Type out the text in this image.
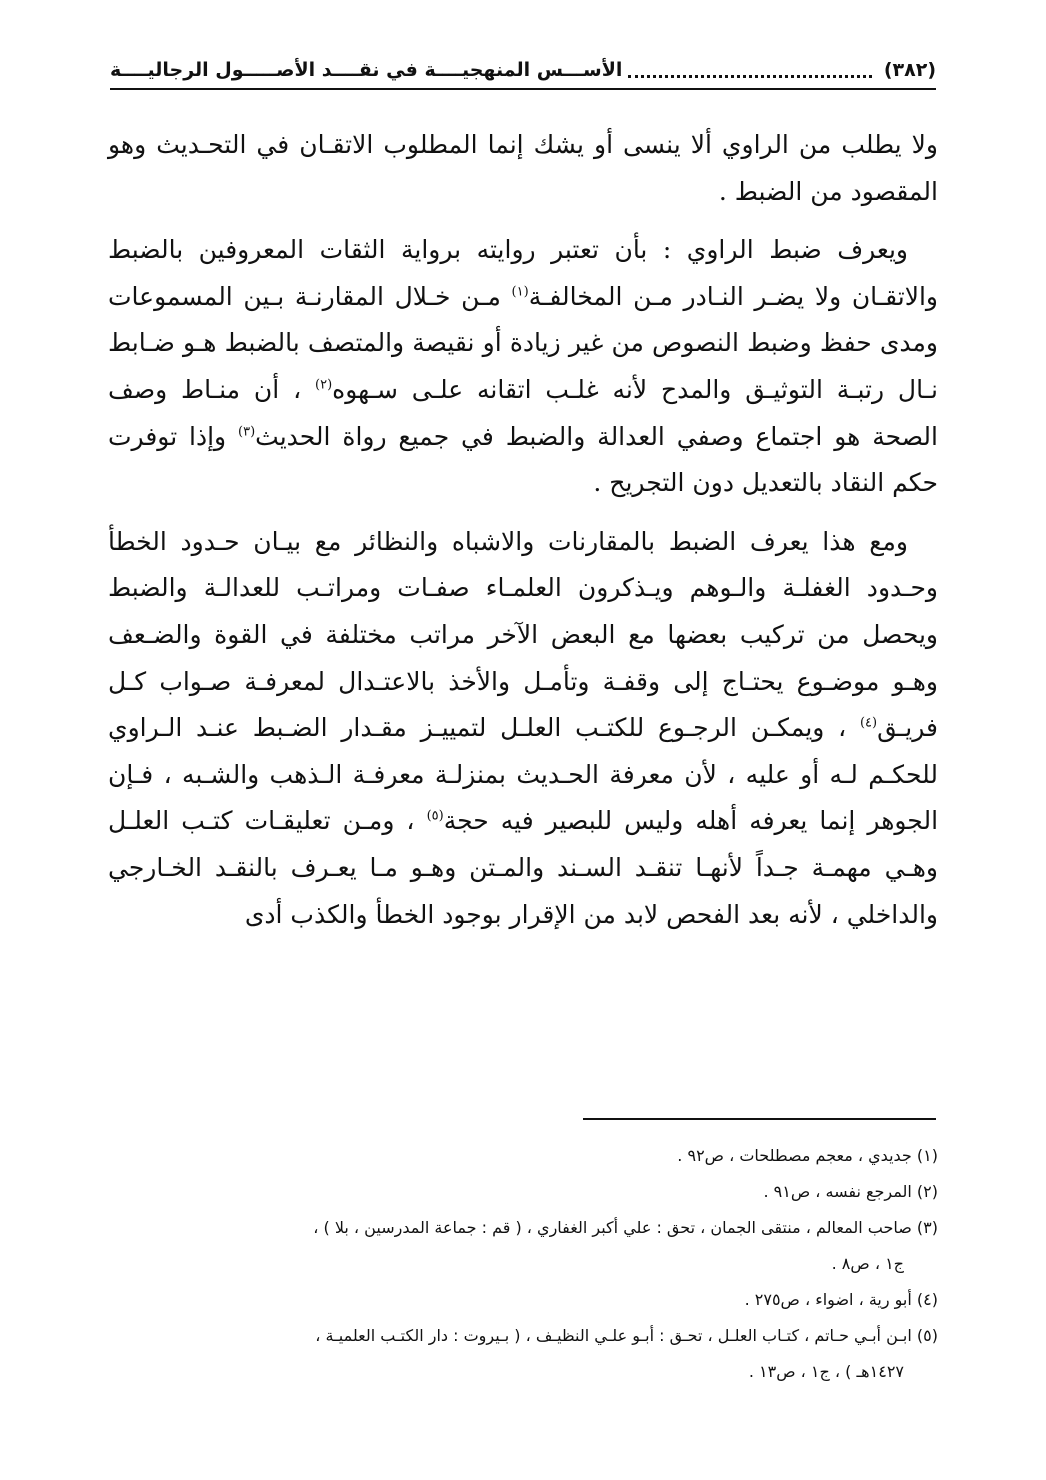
(٣٨٢)
الأســـس المنهجيــــة في نقــــد الأصـــــول الرجاليــــة

ولا يطلب من الراوي ألا ينسى أو يشك إنما المطلوب الاتقـان في التحـديث وهو المقصود من الضبط .

ويعرف ضبط الراوي : بأن تعتبر روايته برواية الثقات المعروفين بالضبط والاتقـان ولا يضـر النـادر مـن المخالفـة$^{(١)}$ مـن خـلال المقارنـة بـين المسموعات ومدى حفظ وضبط النصوص من غير زيادة أو نقيصة والمتصف بالضبط هـو ضـابط نـال رتبـة التوثيـق والمدح لأنه غلـب اتقانه علـى سـهوه$^{(٢)}$ ، أن منـاط وصف الصحة هو اجتماع وصفي العدالة والضبط في جميع رواة الحديث$^{(٣)}$ وإذا توفرت حكم النقاد بالتعديل دون التجريح .

ومع هذا يعرف الضبط بالمقارنات والاشباه والنظائر مع بيـان حـدود الخطأ وحـدود الغفلـة والـوهم ويـذكرون العلمـاء صفـات ومراتـب للعدالـة والضبط ويحصل من تركيب بعضها مع البعض الآخر مراتب مختلفة في القوة والضـعف وهـو موضـوع يحتـاج إلى وقفـة وتأمـل والأخذ بالاعتـدال لمعرفـة صـواب كـل فريـق$^{(٤)}$ ، ويمكـن الرجـوع للكتـب العلـل لتمييـز مقـدار الضـبط عنـد الـراوي للحكـم لـه أو عليه ، لأن معرفة الحـديث بمنزلـة معرفـة الـذهب والشـبه ، فـإن الجوهر إنما يعرفه أهله وليس للبصير فيه حجة$^{(٥)}$ ، ومـن تعليقـات كتـب العلـل وهـي مهمـة جـداً لأنهـا تنقـد السـند والمـتن وهـو مـا يعـرف بالنقـد الخـارجي والداخلي ، لأنه بعد الفحص لابد من الإقرار بوجود الخطأ والكذب أدى

(١) جديدي ، معجم مصطلحات ، ص٩٢ .

(٢) المرجع نفسه ، ص٩١ .

(٣) صاحب المعالم ، منتقى الجمان ، تحق : علي أكبر الغفاري ، ( قم : جماعة المدرسين ، بلا ) ،
ج١ ، ص٨ .

(٤) أبو رية ، اضواء ، ص٢٧٥ .

(٥) ابـن أبـي حـاتم ، كتـاب العلـل ، تحـق : أبـو علـي النظيـف ، ( بـيروت : دار الكتـب العلميـة ،
١٤٢٧هـ ) ، ج١ ، ص١٣ .
